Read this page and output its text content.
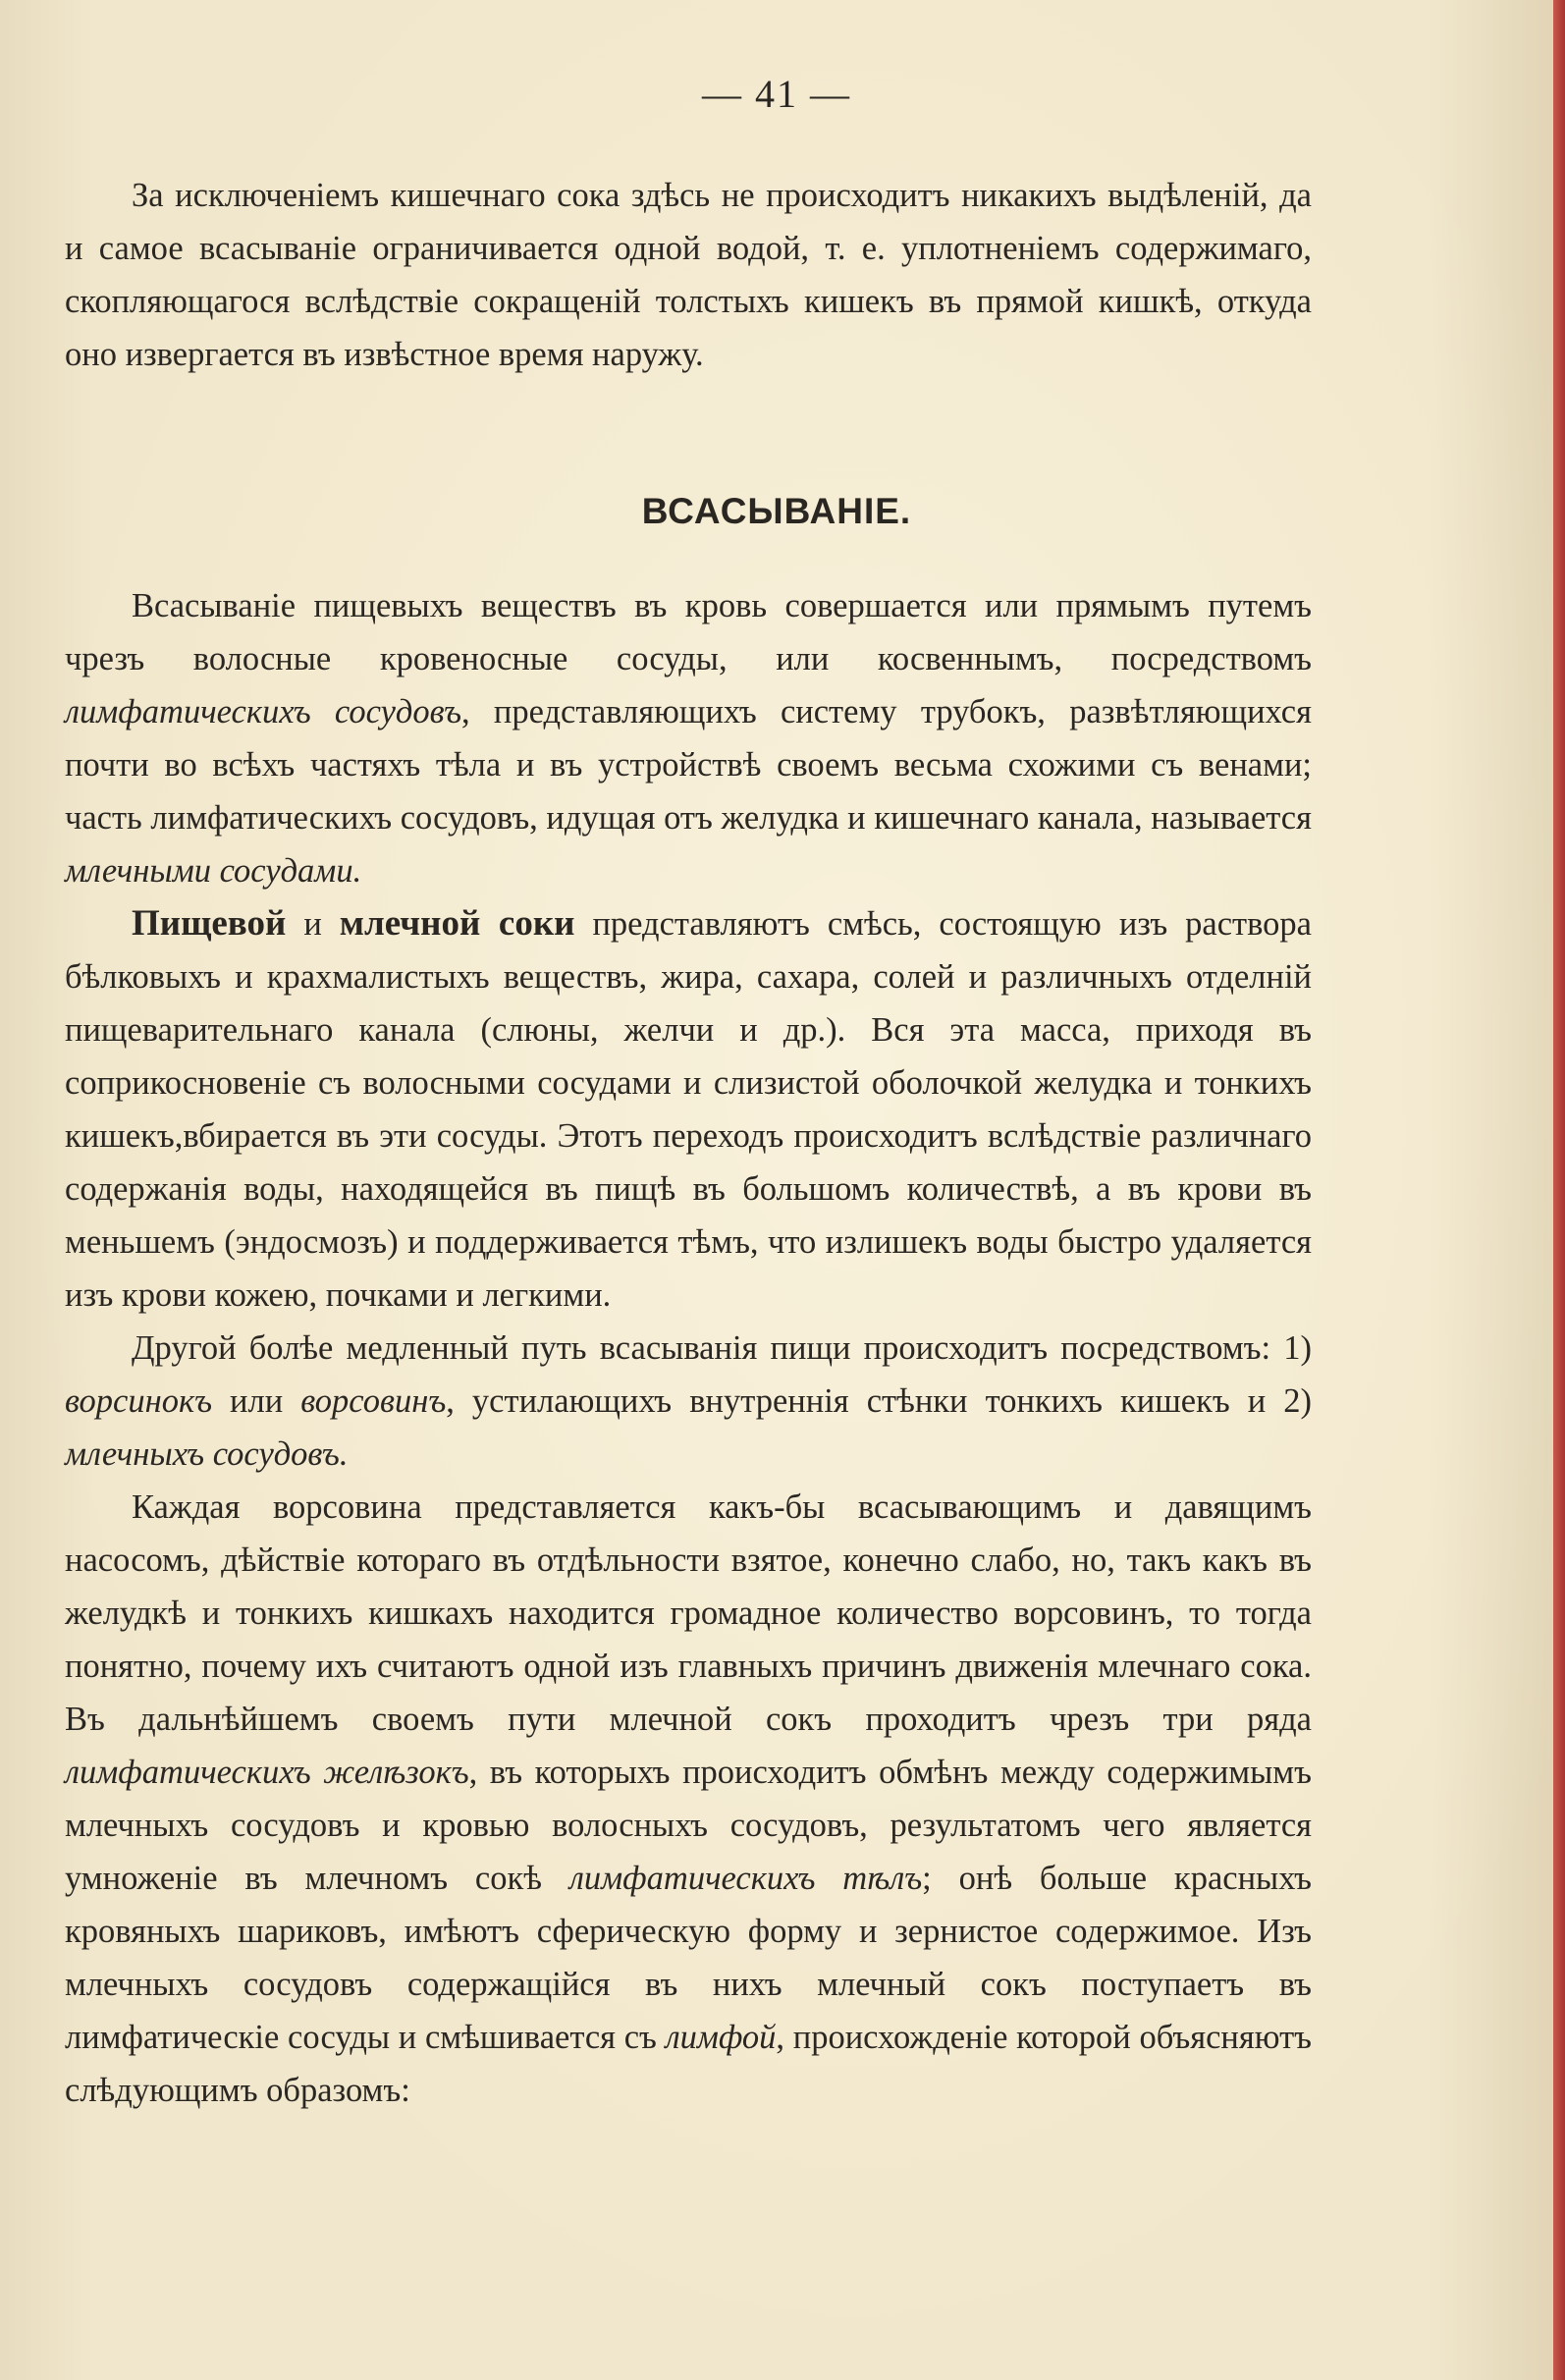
— 41 —

За исключенiемъ кишечнаго сока здѣсь не происходитъ никакихъ выдѣленiй, да и самое всасыванiе ограничивается одной водой, т. е. уплотненiемъ содержимаго, скопляющагося вслѣдствiе сокращенiй толстыхъ кишекъ въ прямой кишкѣ, откуда оно извергается въ извѣстное время наружу.

ВСАСЫВАНIЕ.

Всасыванiе пищевыхъ веществъ въ кровь совершается или прямымъ путемъ чрезъ волосные кровеносные сосуды, или косвеннымъ, посредствомъ лимфатическихъ сосудовъ, представляющихъ систему трубокъ, развѣтляющихся почти во всѣхъ частяхъ тѣла и въ устройствѣ своемъ весьма схожими съ венами; часть лимфатическихъ сосудовъ, идущая отъ желудка и кишечнаго канала, называется млечными сосудами.

Пищевой и млечной соки представляютъ смѣсь, состоящую изъ раствора бѣлковыхъ и крахмалистыхъ веществъ, жира, сахара, солей и различныхъ отделнiй пищеварительнаго канала (слюны, желчи и др.). Вся эта масса, приходя въ соприкосновенiе съ волосными сосудами и слизистой оболочкой желудка и тонкихъ кишекъ,вбирается въ эти сосуды. Этотъ переходъ происходитъ вслѣдствiе различнаго содержанiя воды, находящейся въ пищѣ въ большомъ количествѣ, а въ крови въ меньшемъ (эндосмозъ) и поддерживается тѣмъ, что излишекъ воды быстро удаляется изъ крови кожею, почками и легкими.

Другой болѣе медленный путь всасыванiя пищи происходитъ посредствомъ: 1) ворсинокъ или ворсовинъ, устилающихъ внутреннiя стѣнки тонкихъ кишекъ и 2) млечныхъ сосудовъ.

Каждая ворсовина представляется какъ-бы всасывающимъ и давящимъ насосомъ, дѣйствiе котораго въ отдѣльности взятое, конечно слабо, но, такъ какъ въ желудкѣ и тонкихъ кишкахъ находится громадное количество ворсовинъ, то тогда понятно, почему ихъ считаютъ одной изъ главныхъ причинъ движенiя млечнаго сока. Въ дальнѣйшемъ своемъ пути млечной сокъ проходитъ чрезъ три ряда лимфатическихъ желѣзокъ, въ которыхъ происходитъ обмѣнъ между содержимымъ млечныхъ сосудовъ и кровью волосныхъ сосудовъ, результатомъ чего является умноженiе въ млечномъ сокѣ лимфатическихъ тѣлъ; онѣ больше красныхъ кровяныхъ шариковъ, имѣютъ сферическую форму и зернистое содержимое. Изъ млечныхъ сосудовъ содержащiйся въ нихъ млечный сокъ поступаетъ въ лимфатическiе сосуды и смѣшивается съ лимфой, происхожденiе которой объясняютъ слѣдующимъ образомъ:
